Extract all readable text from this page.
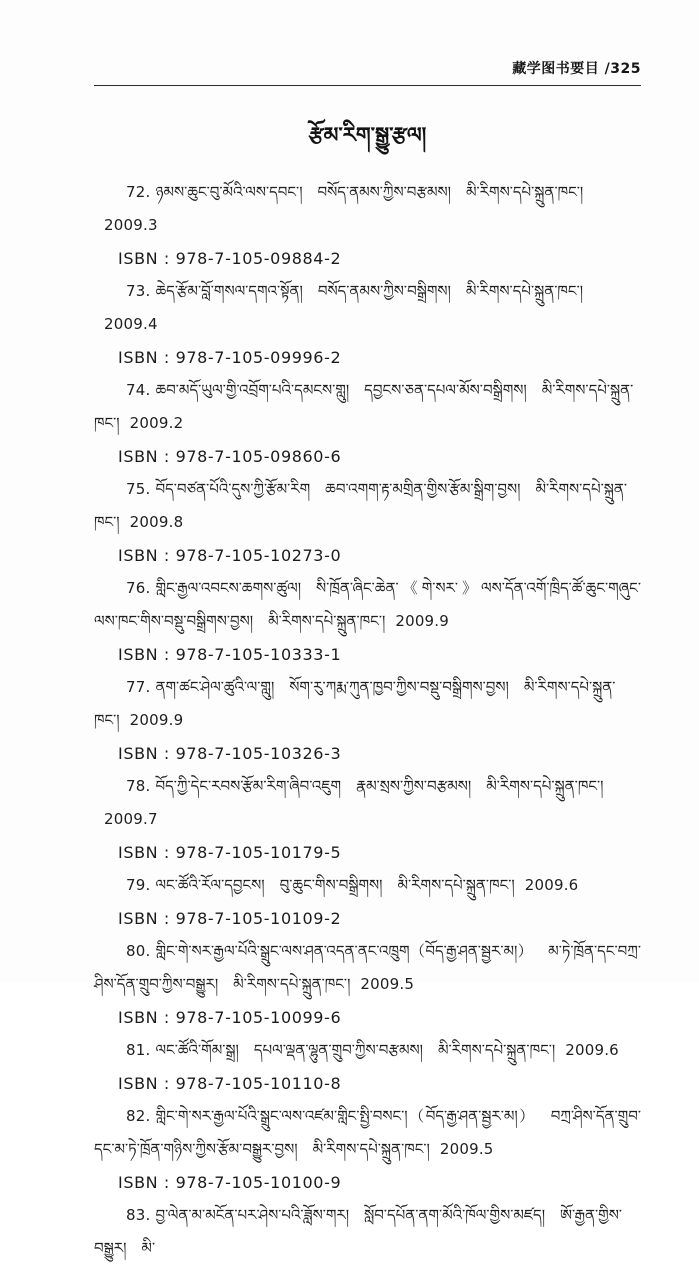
藏学图书要目 /325
རྩོམ་རིག་སྒྱུ་རྩལ།

72. ཉམས་ཆུང་བུ་མོའི་ལས་དབང་། བསོད་ནམས་ཀྱིས་བརྩམས། མི་རིགས་དཔེ་སྐྲུན་ཁང་།2009.3

ISBN : 978-7-105-09884-2

73. ཆེད་རྩོམ་བློ་གསལ་དགའ་སྟོན། བསོད་ནམས་ཀྱིས་བསྒྲིགས། མི་རིགས་དཔེ་སྐྲུན་ཁང་།2009.4

ISBN : 978-7-105-09996-2

74. ཆབ་མདོ་ཡུལ་གྱི་འབྲོག་པའི་དམངས་གླུ། དབྱངས་ཅན་དཔལ་མོས་བསྒྲིགས། མི་རིགས་དཔེ་སྐྲུན་ཁང་། 2009.2

ISBN : 978-7-105-09860-6

75. བོད་བཙན་པོའི་དུས་ཀྱི་རྩོམ་རིག ཆབ་འགག་རྟ་མགྲིན་གྱིས་རྩོམ་སྒྲིག་བྱས། མི་རིགས་དཔེ་སྐྲུན་ཁང་། 2009.8

ISBN : 978-7-105-10273-0

76. གླིང་རྒྱལ་འབངས་ཆགས་ཚུལ། སི་ཁྲོན་ཞིང་ཆེན་《གེ་སར་》ལས་དོན་འགོ་ཁྲིད་ཚོ་ཆུང་གཞུང་ལས་ཁང་གིས་བསྡུ་བསྒྲིགས་བྱས། མི་རིགས་དཔེ་སྐྲུན་ཁང་། 2009.9

ISBN : 978-7-105-10333-1

77. ནག་ཚང་ཤེལ་ཚུའི་ལ་གླུ། སོག་རུ་ཀརྨ་ཀུན་ཁྱབ་ཀྱིས་བསྡུ་བསྒྲིགས་བྱས། མི་རིགས་དཔེ་སྐྲུན་ཁང་། 2009.9

ISBN : 978-7-105-10326-3

78. བོད་ཀྱི་དེང་རབས་རྩོམ་རིག་ཞིབ་འཇུག རྣམ་སྲས་ཀྱིས་བརྩམས། མི་རིགས་དཔེ་སྐྲུན་ཁང་།2009.7

ISBN : 978-7-105-10179-5

79. ལང་ཚོའི་རོལ་དབྱངས། བུ་ཆུང་གིས་བསྒྲིགས། མི་རིགས་དཔེ་སྐྲུན་ཁང་། 2009.6

ISBN : 978-7-105-10109-2

80. གླིང་གེ་སར་རྒྱལ་པོའི་སྒྲུང་ལས་ཤན་འདན་ནང་འཁྲུག（བོད་རྒྱ་ཤན་སྦྱར་མ།） མ་ཏེ་ཁྲོན་དང་བཀྲ་ཤིས་དོན་གྲུབ་ཀྱིས་བསྒྱུར། མི་རིགས་དཔེ་སྐྲུན་ཁང་། 2009.5

ISBN : 978-7-105-10099-6

81. ལང་ཚོའི་གོམ་སྒྲ། དཔལ་ལྡན་ལྷུན་གྲུབ་ཀྱིས་བརྩམས། མི་རིགས་དཔེ་སྐྲུན་ཁང་། 2009.6

ISBN : 978-7-105-10110-8

82. གླིང་གེ་སར་རྒྱལ་པོའི་སྒྲུང་ལས་འཛམ་གླིང་སྤྱི་བསང་།（བོད་རྒྱ་ཤན་སྦྱར་མ།） བཀྲ་ཤིས་དོན་གྲུབ་དང་མ་ཏེ་ཁྲོན་གཉིས་ཀྱིས་རྩོམ་བསྒྱུར་བྱས། མི་རིགས་དཔེ་སྐྲུན་ཁང་། 2009.5

ISBN : 978-7-105-10100-9

83. བྱ་ལེན་མ་མངོན་པར་ཤེས་པའི་ཟློས་གར། སློབ་དཔོན་ནག་མོའི་ཁོལ་གྱིས་མཛད། ཨོ་རྒྱན་གྱིས་བསྒྱུར། མི་
